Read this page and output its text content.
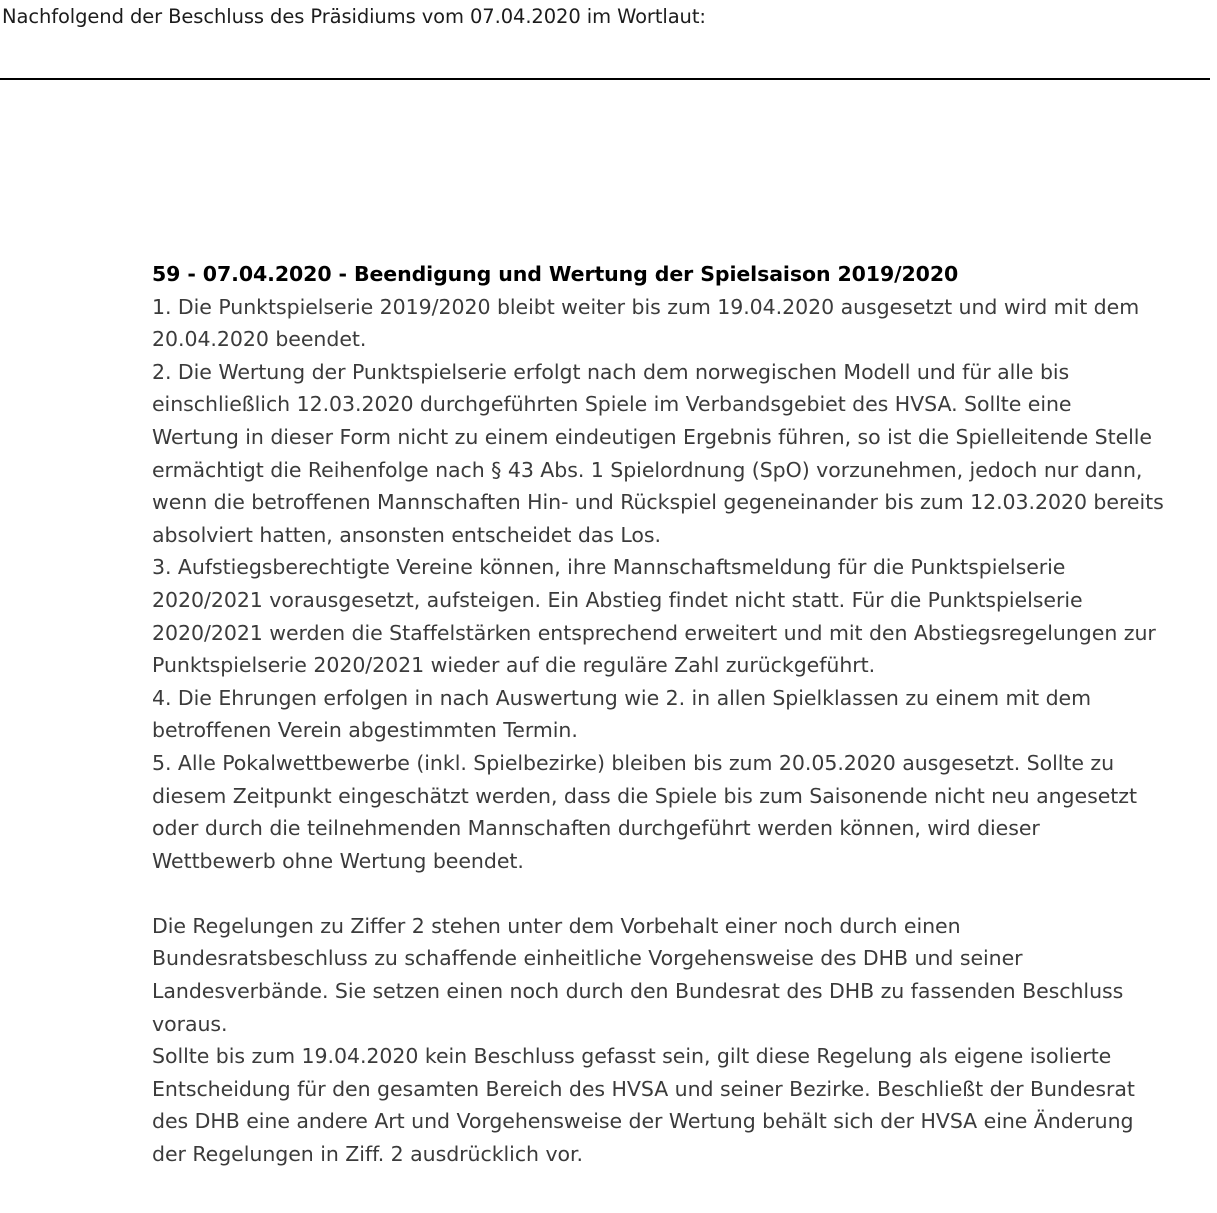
Nachfolgend der Beschluss des Präsidiums vom 07.04.2020 im Wortlaut:
59 - 07.04.2020 - Beendigung und Wertung der Spielsaison 2019/2020
1. Die Punktspielserie 2019/2020 bleibt weiter bis zum 19.04.2020 ausgesetzt und wird mit dem 20.04.2020 beendet.
2. Die Wertung der Punktspielserie erfolgt nach dem norwegischen Modell und für alle bis einschließlich 12.03.2020 durchgeführten Spiele im Verbandsgebiet des HVSA. Sollte eine Wertung in dieser Form nicht zu einem eindeutigen Ergebnis führen, so ist die Spielleitende Stelle ermächtigt die Reihenfolge nach § 43 Abs. 1 Spielordnung (SpO) vorzunehmen, jedoch nur dann, wenn die betroffenen Mannschaften Hin- und Rückspiel gegeneinander bis zum 12.03.2020 bereits absolviert hatten, ansonsten entscheidet das Los.
3. Aufstiegsberechtigte Vereine können, ihre Mannschaftsmeldung für die Punktspielserie 2020/2021 vorausgesetzt, aufsteigen. Ein Abstieg findet nicht statt. Für die Punktspielserie 2020/2021 werden die Staffelstärken entsprechend erweitert und mit den Abstiegsregelungen zur Punktspielserie 2020/2021 wieder auf die reguläre Zahl zurückgeführt.
4. Die Ehrungen erfolgen in nach Auswertung wie 2. in allen Spielklassen zu einem mit dem betroffenen Verein abgestimmten Termin.
5. Alle Pokalwettbewerbe (inkl. Spielbezirke) bleiben bis zum 20.05.2020 ausgesetzt. Sollte zu diesem Zeitpunkt eingeschätzt werden, dass die Spiele bis zum Saisonende nicht neu angesetzt oder durch die teilnehmenden Mannschaften durchgeführt werden können, wird dieser Wettbewerb ohne Wertung beendet.
Die Regelungen zu Ziffer 2 stehen unter dem Vorbehalt einer noch durch einen Bundesratsbeschluss zu schaffende einheitliche Vorgehensweise des DHB und seiner Landesverbände. Sie setzen einen noch durch den Bundesrat des DHB zu fassenden Beschluss voraus.
Sollte bis zum 19.04.2020 kein Beschluss gefasst sein, gilt diese Regelung als eigene isolierte Entscheidung für den gesamten Bereich des HVSA und seiner Bezirke. Beschließt der Bundesrat des DHB eine andere Art und Vorgehensweise der Wertung behält sich der HVSA eine Änderung der Regelungen in Ziff. 2 ausdrücklich vor.
